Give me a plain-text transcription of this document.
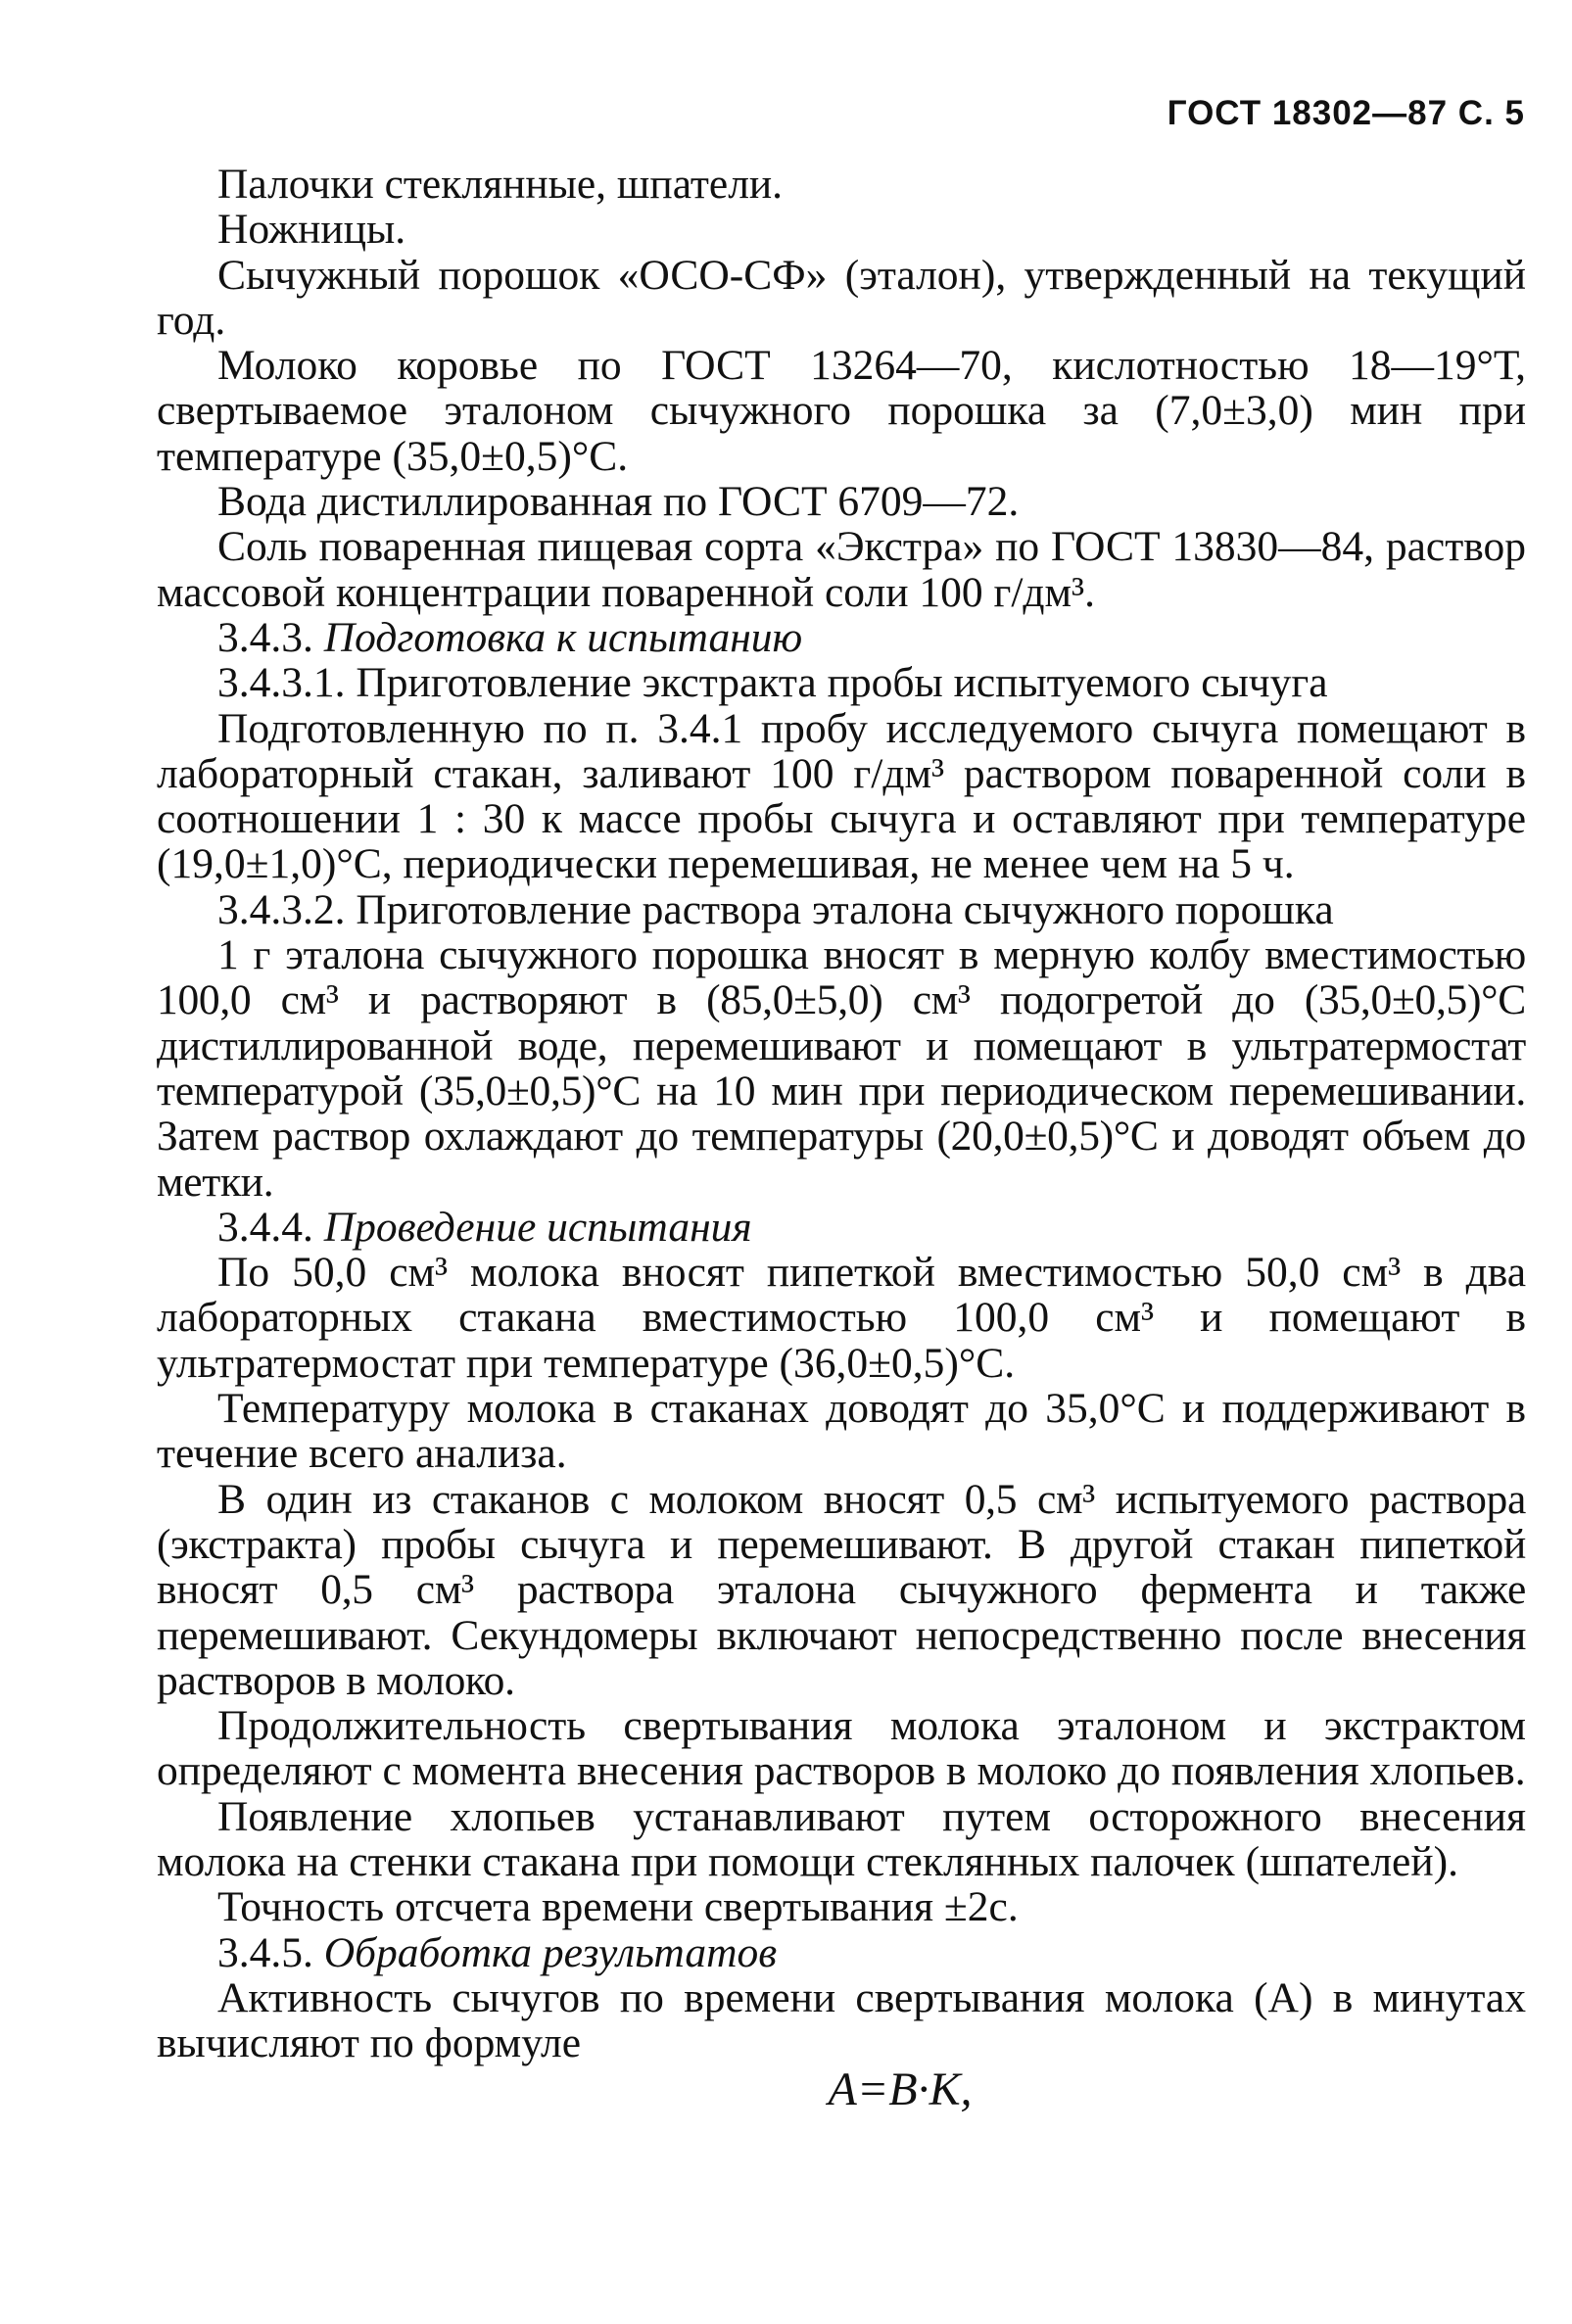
ГОСТ 18302—87 С. 5

Палочки стеклянные, шпатели.

Ножницы.

Сычужный порошок «ОСО-СФ» (эталон), утвержденный на текущий год.

Молоко коровье по ГОСТ 13264—70, кислотностью 18—19°Т, свертываемое эталоном сычужного порошка за (7,0±3,0) мин при температуре (35,0±0,5)°С.

Вода дистиллированная по ГОСТ 6709—72.

Соль поваренная пищевая сорта «Экстра» по ГОСТ 13830—84, раствор массовой концентрации поваренной соли 100 г/дм³.

3.4.3. Подготовка к испытанию

3.4.3.1. Приготовление экстракта пробы испытуемого сычуга

Подготовленную по п. 3.4.1 пробу исследуемого сычуга помещают в лабораторный стакан, заливают 100 г/дм³ раствором поваренной соли в соотношении 1 : 30 к массе пробы сычуга и оставляют при температуре (19,0±1,0)°С, периодически перемешивая, не менее чем на 5 ч.

3.4.3.2. Приготовление раствора эталона сычужного порошка

1 г эталона сычужного порошка вносят в мерную колбу вместимостью 100,0 см³ и растворяют в (85,0±5,0) см³ подогретой до (35,0±0,5)°С дистиллированной воде, перемешивают и помещают в ультратермостат температурой (35,0±0,5)°С на 10 мин при периодическом перемешивании. Затем раствор охлаждают до температуры (20,0±0,5)°С и доводят объем до метки.

3.4.4. Проведение испытания

По 50,0 см³ молока вносят пипеткой вместимостью 50,0 см³ в два лабораторных стакана вместимостью 100,0 см³ и помещают в ультратермостат при температуре (36,0±0,5)°С.

Температуру молока в стаканах доводят до 35,0°С и поддерживают в течение всего анализа.

В один из стаканов с молоком вносят 0,5 см³ испытуемого раствора (экстракта) пробы сычуга и перемешивают. В другой стакан пипеткой вносят 0,5 см³ раствора эталона сычужного фермента и также перемешивают. Секундомеры включают непосредственно после внесения растворов в молоко.

Продолжительность свертывания молока эталоном и экстрактом определяют с момента внесения растворов в молоко до появления хлопьев.

Появление хлопьев устанавливают путем осторожного внесения молока на стенки стакана при помощи стеклянных палочек (шпателей).

Точность отсчета времени свертывания ±2с.

3.4.5. Обработка результатов

Активность сычугов по времени свертывания молока (А) в минутах вычисляют по формуле

А=В·К,
